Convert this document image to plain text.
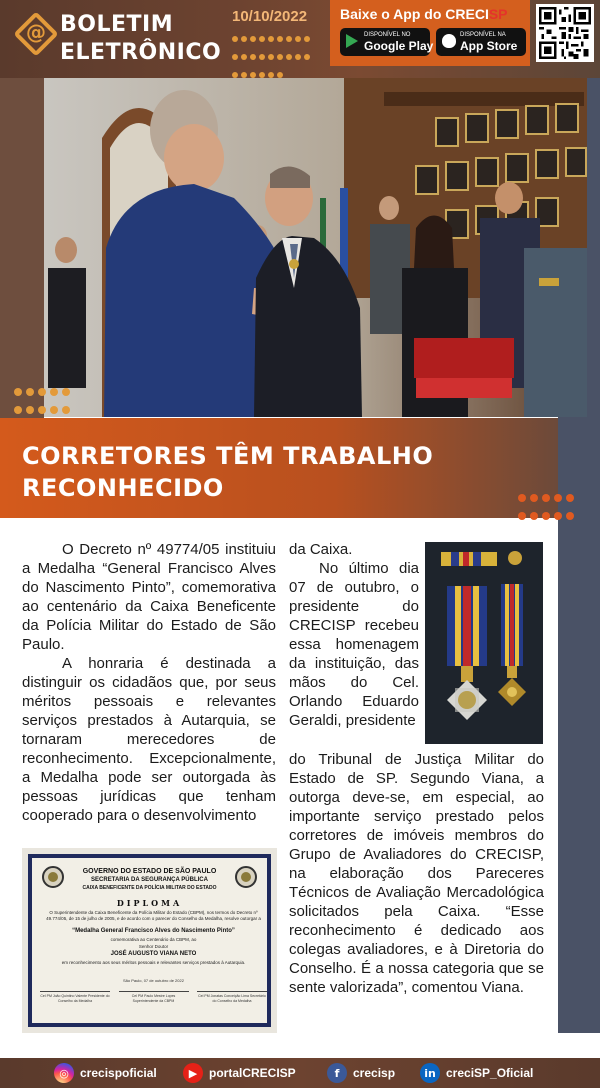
@ BOLETIM
ELETRÔNICO
10/10/2022 Baixe o App do CRECISP
DISPONÍVEL NO
Google Play
DISPONÍVEL NA
App Store
CORRETORES TÊM TRABALHO RECONHECIDO

O Decreto nº 49774/05 instituiu a Medalha “General Francisco Alves do Nascimento Pinto”, comemorativa ao centenário da Caixa Beneficente da Polícia Militar do Estado de São Paulo.

A honraria é destinada a distinguir os cidadãos que, por seus méritos pessoais e relevantes serviços prestados à Autarquia, se tornaram merecedores de reconhecimento. Excepcionalmente, a Medalha pode ser outorgada às pessoas jurídicas que tenham cooperado para o desenvolvimento

da Caixa.

No último dia 07 de outubro, o presidente do CRECISP recebeu essa homenagem da instituição, das mãos do Cel. Orlando Eduardo Geraldi, presidente

do Tribunal de Justiça Militar do Estado de SP. Segundo Viana, a outorga deve-se, em especial, ao importante serviço prestado pelos corretores de imóveis membros do Grupo de Avaliadores do CRECISP, na elaboração dos Pareceres Técnicos de Avaliação Mercadológica solicitados pela Caixa. “Esse reconhecimento é dedicado aos colegas avaliadores, e à Diretoria do Conselho. É a nossa categoria que se sente valorizada”, comentou Viana.

GOVERNO DO ESTADO DE SÃO PAULO
SECRETARIA DA SEGURANÇA PÚBLICA
CAIXA BENEFICENTE DA POLÍCIA MILITAR DO ESTADO
DIPLOMA
O Superintendente da Caixa Beneficente da Polícia Militar do Estado (CBPM), nos termos do Decreto nº 49.774/05, de 15 de julho de 2005, e de acordo com o parecer do Conselho da Medalha, resolve outorgar a
“Medalha General Francisco Alves do Nascimento Pinto”
comemorativa ao Centenário da CBPM, ao
Senhor Doutor
JOSÉ AUGUSTO VIANA NETO
em reconhecimento aos seus méritos pessoais e relevantes serviços prestados à Autarquia.
São Paulo, 07 de outubro de 2022
Cel PM João Quintino Valente Presidente do Conselho da Medalha
Cel PM Paulo Mestre Lopes Superintendente da CBPM
Cel PM Jonatas Conceição Lima Secretário do Conselho da Medalha
◎ crecispoficial	▶ portalCRECISP	f	crecisp	in creciSP_Oficial
